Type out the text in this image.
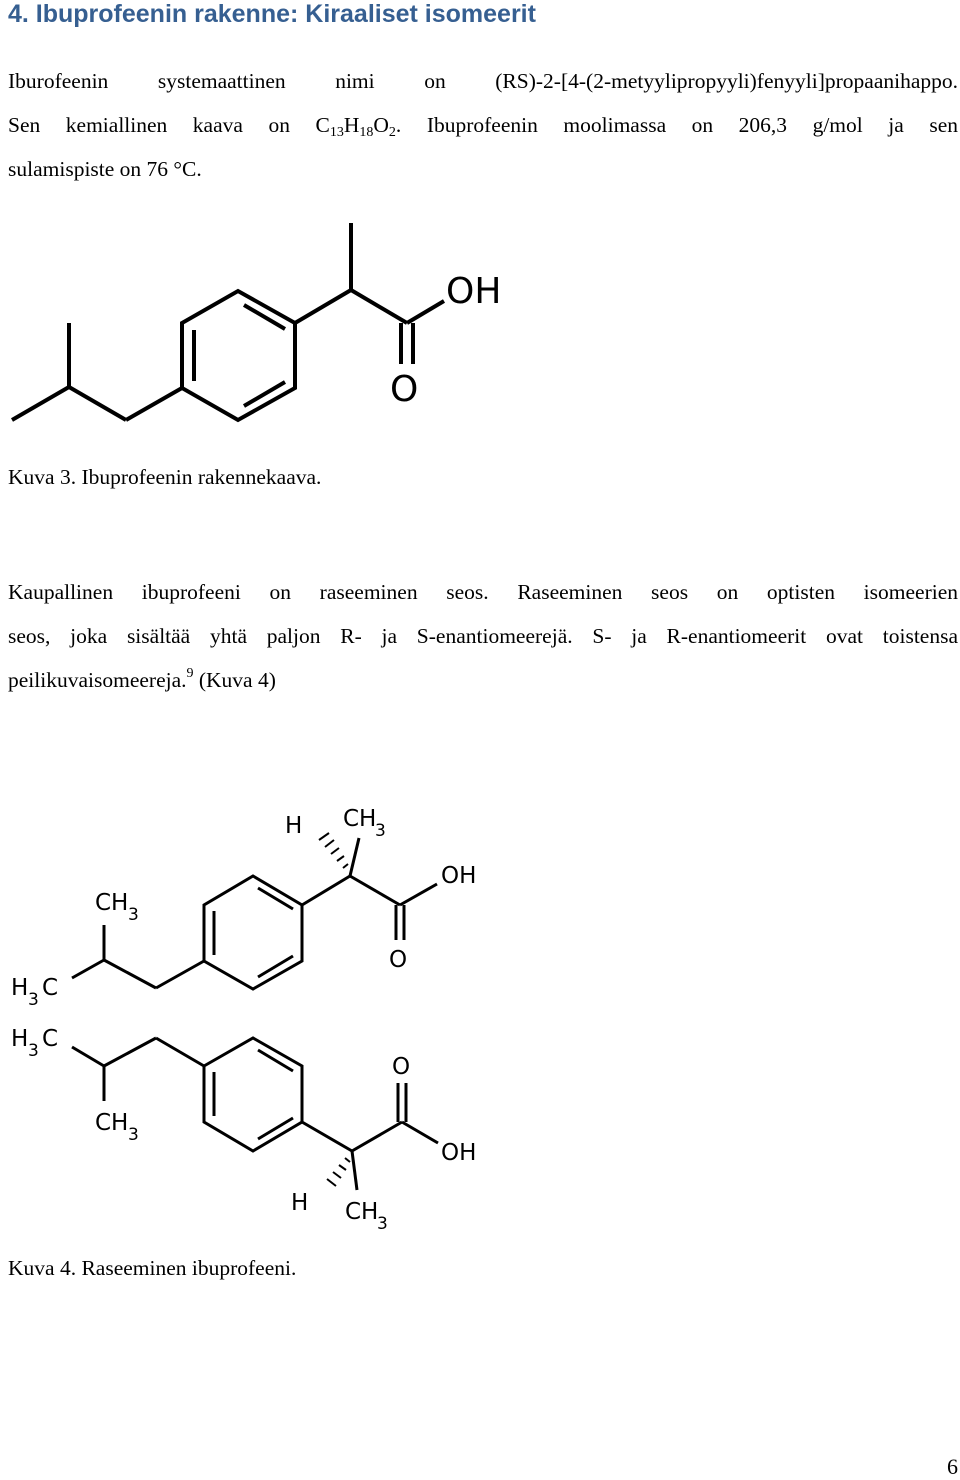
4. Ibuprofeenin rakenne: Kiraaliset isomeerit

Iburofeenin systemaattinen nimi on (RS)-2-[4-(2-metyylipropyyli)fenyyli]propaanihappo.
Sen kemiallinen kaava on $C_{13}H_{18}O_2$. Ibuprofeenin moolimassa on 206,3 g/mol ja sen
sulamispiste on 76 °C.

OH
O

Kuva 3. Ibuprofeenin rakennekaava.

Kaupallinen ibuprofeeni on raseeminen seos. Raseeminen seos on optisten isomeerien
seos, joka sisältää yhtä paljon R- ja S-enantiomeerejä. S- ja R-enantiomeerit ovat toistensa
peilikuvaisomeereja.$^9$ (Kuva 4)

H CH
3
OH
O
CH 3
H 3 C
H CH
3
OH
O
CH 3
H 3 C

Kuva 4. Raseeminen ibuprofeeni.

6
